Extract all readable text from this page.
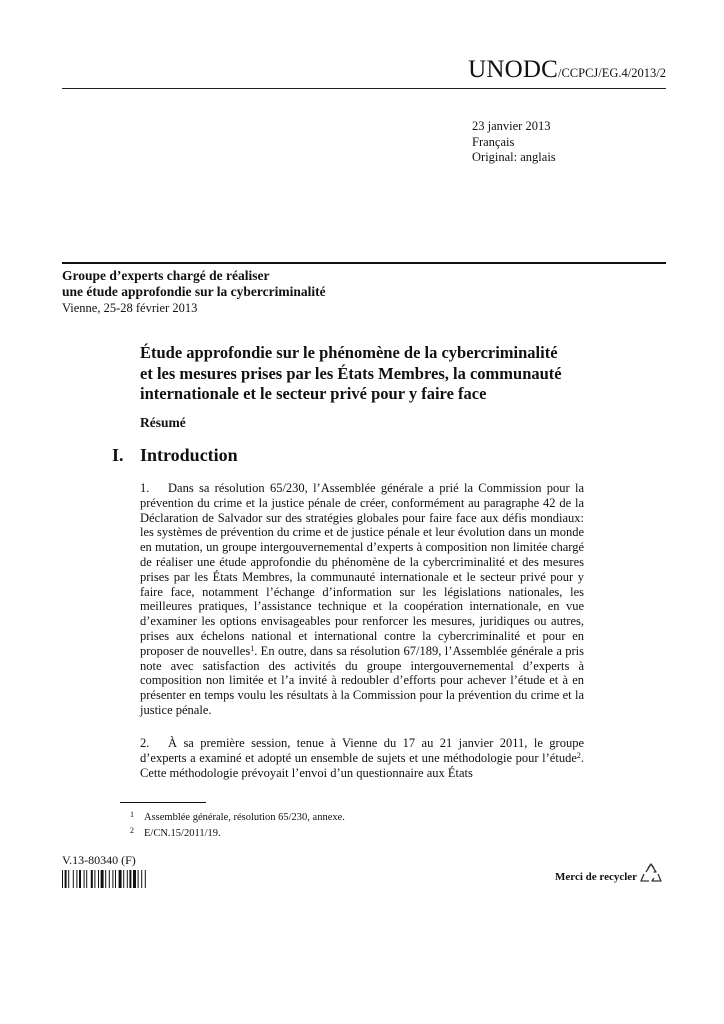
UNODC/CCPCJ/EG.4/2013/2
23 janvier 2013
Français
Original: anglais
Groupe d’experts chargé de réaliser
une étude approfondie sur la cybercriminalité
Vienne, 25-28 février 2013
Étude approfondie sur le phénomène de la cybercriminalité
et les mesures prises par les États Membres, la communauté
internationale et le secteur privé pour y faire face
Résumé
I. Introduction

1. Dans sa résolution 65/230, l’Assemblée générale a prié la Commission pour la prévention du crime et la justice pénale de créer, conformément au paragraphe 42 de la Déclaration de Salvador sur des stratégies globales pour faire face aux défis mondiaux: les systèmes de prévention du crime et de justice pénale et leur évolution dans un monde en mutation, un groupe intergouvernemental d’experts à composition non limitée chargé de réaliser une étude approfondie du phénomène de la cybercriminalité et des mesures prises par les États Membres, la communauté internationale et le secteur privé pour y faire face, notamment l’échange d’information sur les législations nationales, les meilleures pratiques, l’assistance technique et la coopération internationale, en vue d’examiner les options envisageables pour renforcer les mesures, juridiques ou autres, prises aux échelons national et international contre la cybercriminalité et pour en proposer de nouvelles$^1$. En outre, dans sa résolution 67/189, l’Assemblée générale a pris note avec satisfaction des activités du groupe intergouvernemental d’experts à composition non limitée et l’a invité à redoubler d’efforts pour achever l’étude et à en présenter en temps voulu les résultats à la Commission pour la prévention du crime et la justice pénale.

2. À sa première session, tenue à Vienne du 17 au 21 janvier 2011, le groupe d’experts a examiné et adopté un ensemble de sujets et une méthodologie pour l’étude$^2$. Cette méthodologie prévoyait l’envoi d’un questionnaire aux États

1 Assemblée générale, résolution 65/230, annexe.
2 E/CN.15/2011/19.
V.13-80340 (F)
Merci de recycler
